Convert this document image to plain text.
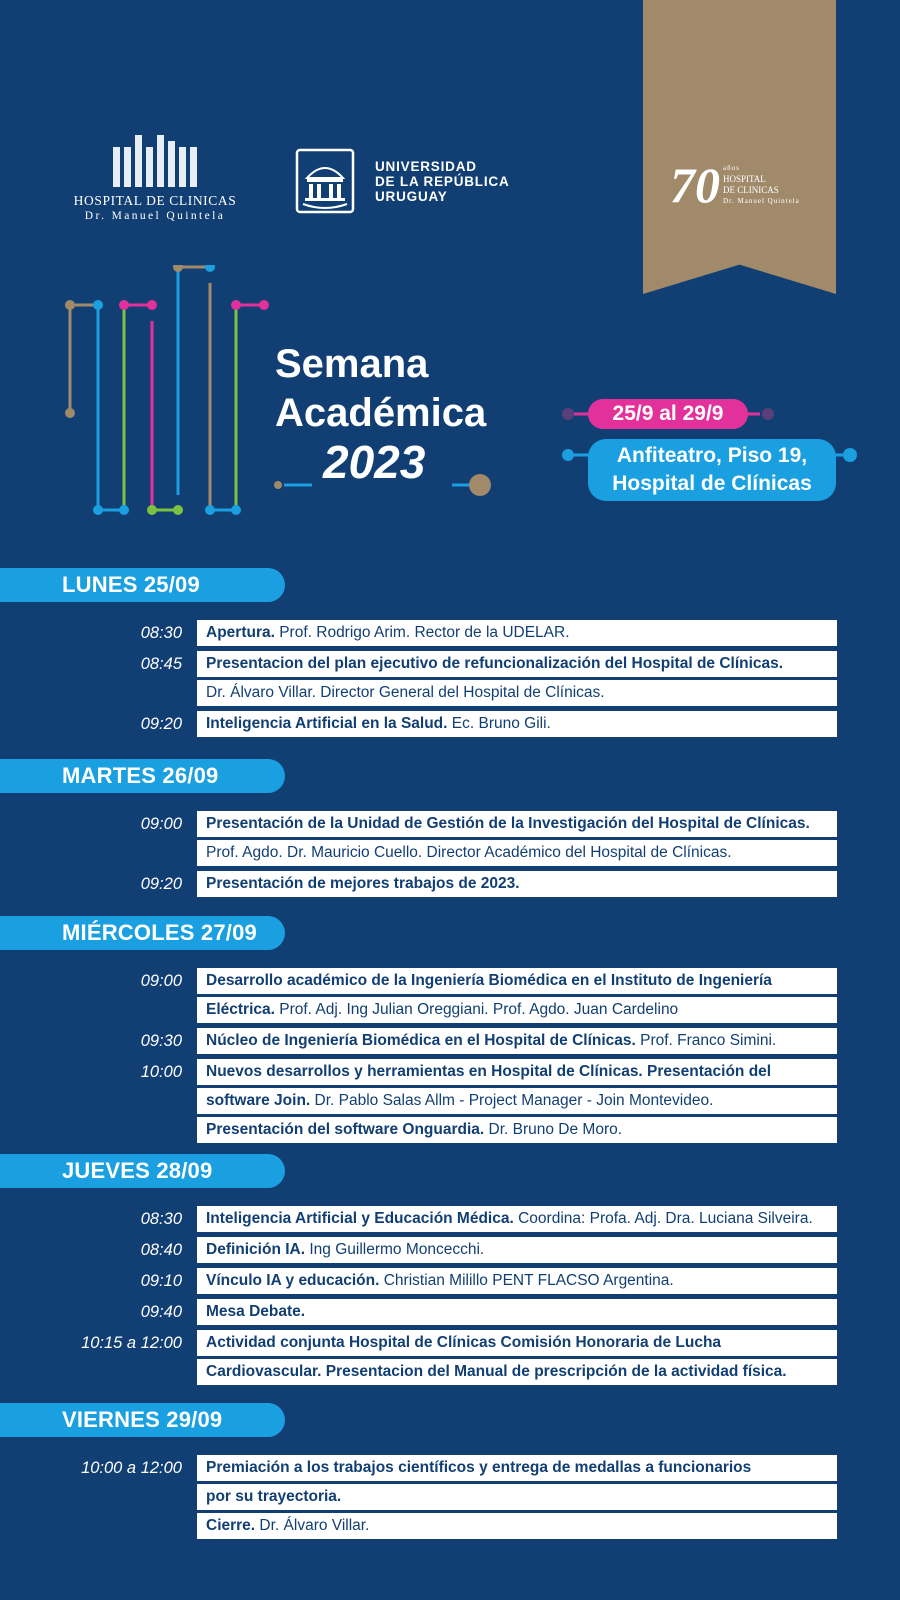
HOSPITAL DE CLINICAS
Dr. Manuel Quintela
UNIVERSIDAD
DE LA REPÚBLICA
URUGUAY	70 años
HOSPITAL
DE CLINICAS
Dr. Manuel Quintela
Semana
Académica
2023
25/9 al 29/9
Anfiteatro, Piso 19,
Hospital de Clínicas
LUNES 25/09
08:30	Apertura. Prof. Rodrigo Arim. Rector de la UDELAR.
08:45	Presentacion del plan ejecutivo de refuncionalización del Hospital de Clínicas.
Dr. Álvaro Villar. Director General del Hospital de Clínicas.
09:20	Inteligencia Artificial en la Salud. Ec. Bruno Gili.
MARTES 26/09
09:00	Presentación de la Unidad de Gestión de la Investigación del Hospital de Clínicas.
Prof. Agdo. Dr. Mauricio Cuello. Director Académico del Hospital de Clínicas.
09:20	Presentación de mejores trabajos de 2023.
MIÉRCOLES 27/09
09:00	Desarrollo académico de la Ingeniería Biomédica en el Instituto de Ingeniería
Eléctrica. Prof. Adj. Ing Julian Oreggiani. Prof. Agdo. Juan Cardelino
09:30	Núcleo de Ingeniería Biomédica en el Hospital de Clínicas. Prof. Franco Simini.
10:00	Nuevos desarrollos y herramientas en Hospital de Clínicas. Presentación del
software Join. Dr. Pablo Salas Allm - Project Manager - Join Montevideo.
Presentación del software Onguardia. Dr. Bruno De Moro.
JUEVES 28/09
08:30	Inteligencia Artificial y Educación Médica. Coordina: Profa. Adj. Dra. Luciana Silveira.
08:40	Definición IA. Ing Guillermo Moncecchi.
09:10	Vínculo IA y educación. Christian Milillo PENT FLACSO Argentina.
09:40	Mesa Debate.
10:15 a 12:00	Actividad conjunta Hospital de Clínicas Comisión Honoraria de Lucha
Cardiovascular. Presentacion del Manual de prescripción de la actividad física.
VIERNES 29/09
10:00 a 12:00	Premiación a los trabajos científicos y entrega de medallas a funcionarios
por su trayectoria.
Cierre. Dr. Álvaro Villar.
